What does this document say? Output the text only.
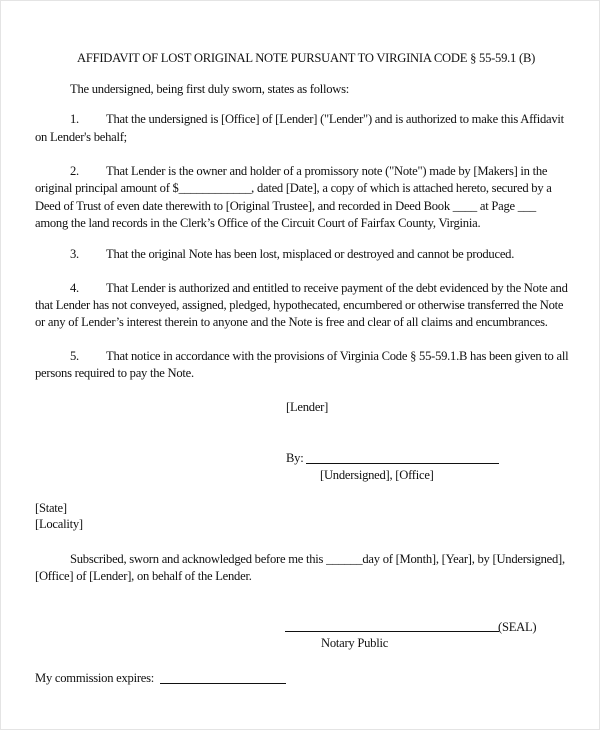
AFFIDAVIT OF LOST ORIGINAL NOTE PURSUANT TO VIRGINIA CODE § 55-59.1 (B)
The undersigned, being first duly sworn, states as follows:
1. That the undersigned is [Office] of [Lender] ("Lender") and is authorized to make this Affidavit
on Lender's behalf;
2. That Lender is the owner and holder of a promissory note ("Note") made by [Makers] in the
original principal amount of $____________, dated [Date], a copy of which is attached hereto, secured by a
Deed of Trust of even date therewith to [Original Trustee], and recorded in Deed Book ____ at Page ___
among the land records in the Clerk’s Office of the Circuit Court of Fairfax County, Virginia.
3. That the original Note has been lost, misplaced or destroyed and cannot be produced.
4. That Lender is authorized and entitled to receive payment of the debt evidenced by the Note and
that Lender has not conveyed, assigned, pledged, hypothecated, encumbered or otherwise transferred the Note
or any of Lender’s interest therein to anyone and the Note is free and clear of all claims and encumbrances.
5. That notice in accordance with the provisions of Virginia Code § 55-59.1.B has been given to all
persons required to pay the Note.
[Lender]
By:
[Undersigned], [Office]
[State]
[Locality]
Subscribed, sworn and acknowledged before me this ______day of [Month], [Year], by [Undersigned],
[Office] of [Lender], on behalf of the Lender.
(SEAL)
Notary Public
My commission expires:
